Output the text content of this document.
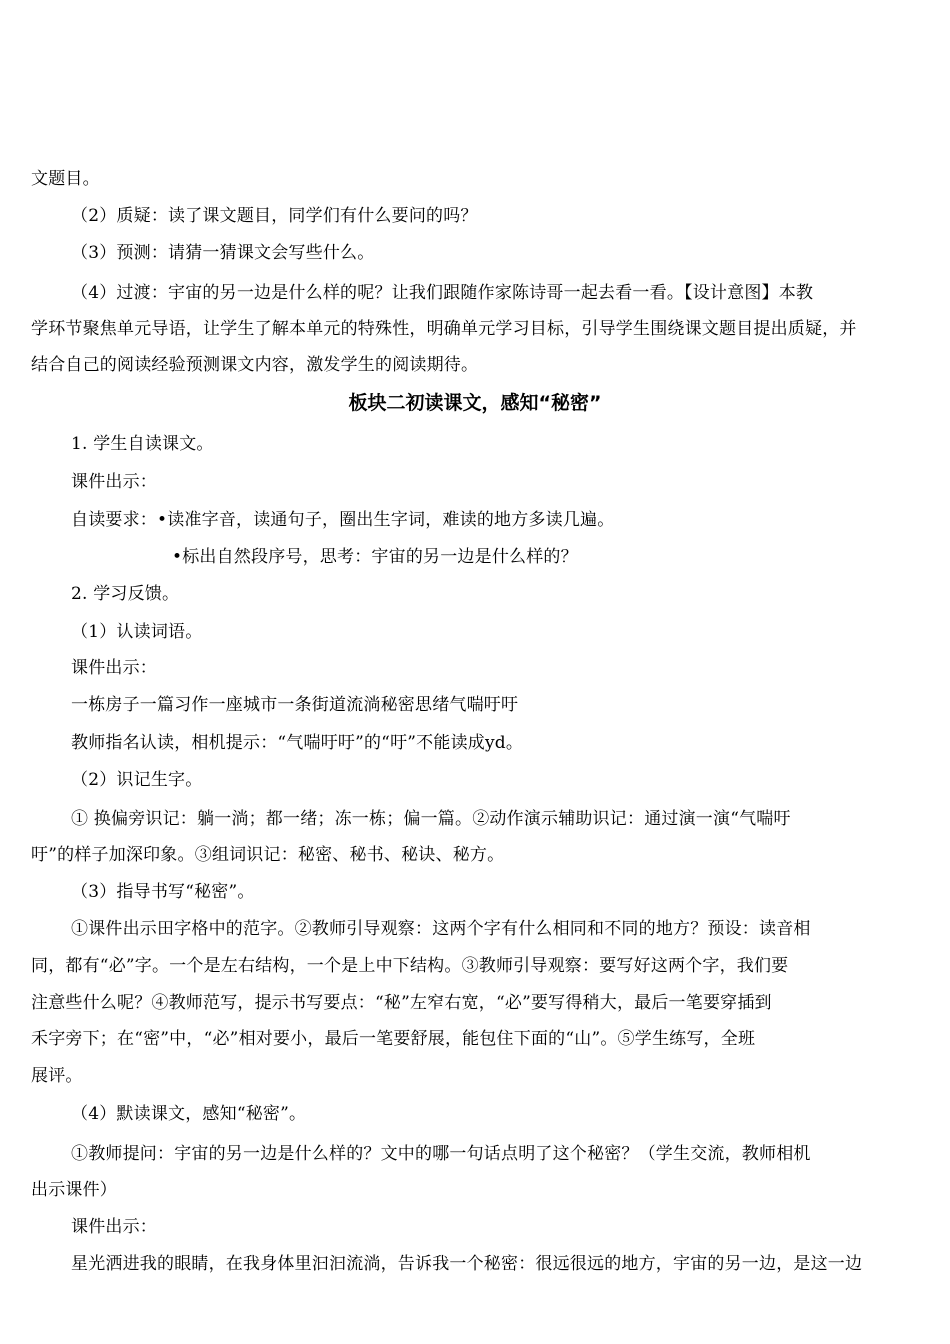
文题目。
（2）质疑：读了课文题目，同学们有什么要问的吗？
（3）预测：请猜一猜课文会写些什么。
（4）过渡：宇宙的另一边是什么样的呢？让我们跟随作家陈诗哥一起去看一看。【设计意图】本教
学环节聚焦单元导语，让学生了解本单元的特殊性，明确单元学习目标，引导学生围绕课文题目提出质疑，并
结合自己的阅读经验预测课文内容，激发学生的阅读期待。
板块二初读课文，感知“秘密”
1. 学生自读课文。
课件出示：
自读要求：•读准字音，读通句子，圈出生字词，难读的地方多读几遍。
•标出自然段序号，思考：宇宙的另一边是什么样的？
2. 学习反馈。
（1）认读词语。
课件出示：
一栋房子一篇习作一座城市一条街道流淌秘密思绪气喘吁吁
教师指名认读，相机提示：“气喘吁吁”的“吁”不能读成yd。
（2）识记生字。
① 换偏旁识记：躺一淌；都一绪；冻一栋；偏一篇。②动作演示辅助识记：通过演一演“气喘吁
吁”的样子加深印象。③组词识记：秘密、秘书、秘诀、秘方。
（3）指导书写“秘密”。
①课件出示田字格中的范字。②教师引导观察：这两个字有什么相同和不同的地方？预设：读音相
同，都有“必”字。一个是左右结构，一个是上中下结构。③教师引导观察：要写好这两个字，我们要
注意些什么呢？④教师范写，提示书写要点：“秘”左窄右宽，“必”要写得稍大，最后一笔要穿插到
禾字旁下；在“密”中，“必”相对要小，最后一笔要舒展，能包住下面的“山”。⑤学生练写，全班
展评。
（4）默读课文，感知“秘密”。
①教师提问：宇宙的另一边是什么样的？文中的哪一句话点明了这个秘密？（学生交流，教师相机
出示课件）
课件出示：
星光洒进我的眼睛，在我身体里汩汩流淌，告诉我一个秘密：很远很远的地方，宇宙的另一边，是这一边
